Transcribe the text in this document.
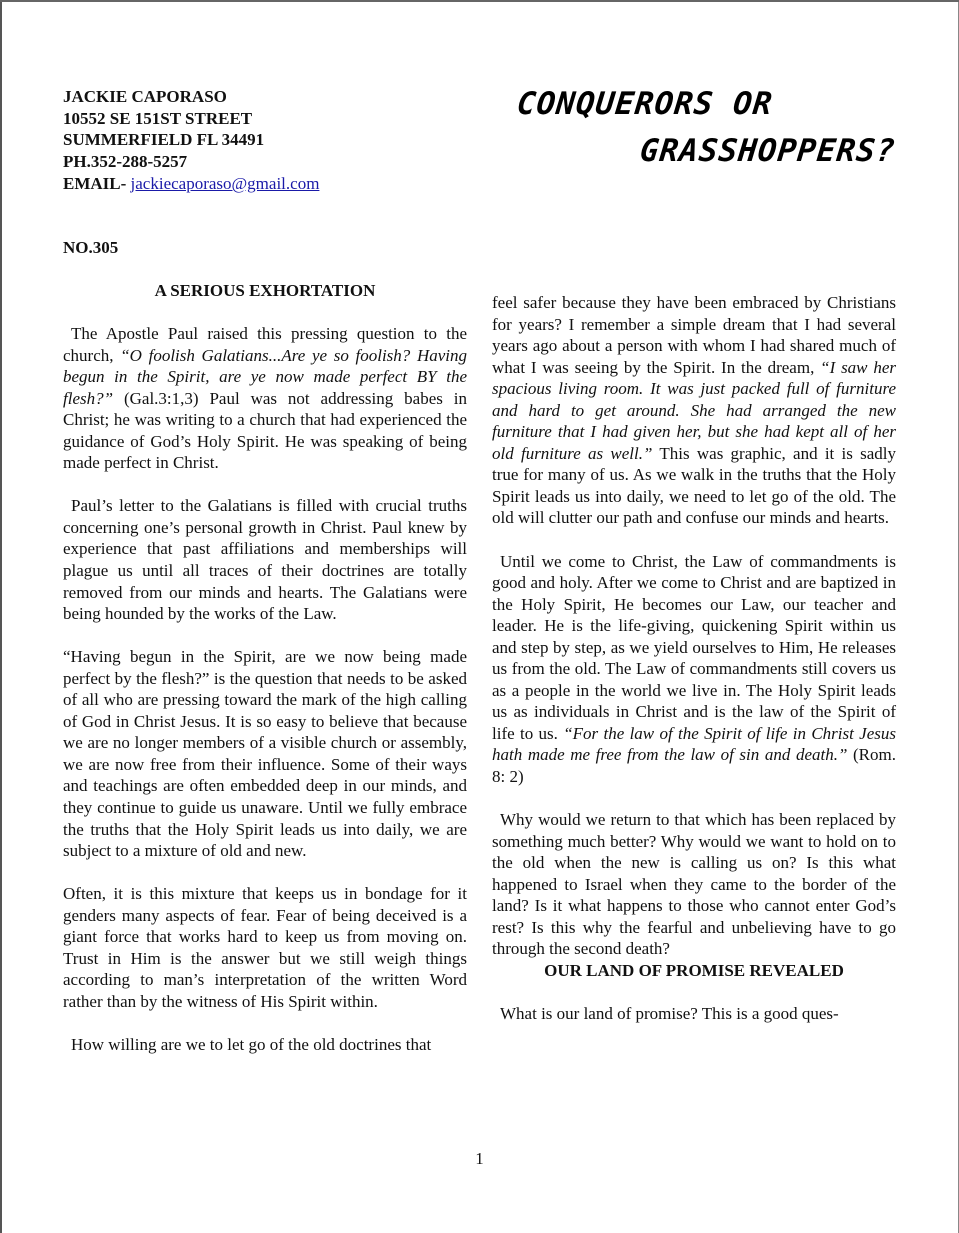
JACKIE CAPORASO
10552 SE 151ST STREET
SUMMERFIELD FL 34491
PH.352-288-5257
EMAIL- jackiecaporaso@gmail.com
CONQUERORS OR
GRASSHOPPERS?
NO.305
A SERIOUS EXHORTATION

The Apostle Paul raised this pressing question to the church, “O foolish Galatians...Are ye so foolish? Having begun in the Spirit, are ye now made perfect BY the flesh?” (Gal.3:1,3) Paul was not addressing babes in Christ; he was writing to a church that had experienced the guidance of God’s Holy Spirit. He was speaking of being made perfect in Christ.

Paul’s letter to the Galatians is filled with crucial truths concerning one’s personal growth in Christ. Paul knew by experience that past affiliations and memberships will plague us until all traces of their doctrines are totally removed from our minds and hearts. The Galatians were being hounded by the works of the Law.

“Having begun in the Spirit, are we now being made perfect by the flesh?” is the question that needs to be asked of all who are pressing toward the mark of the high calling of God in Christ Jesus. It is so easy to believe that because we are no longer members of a visible church or assembly, we are now free from their influence. Some of their ways and teachings are often embedded deep in our minds, and they continue to guide us unaware. Until we fully embrace the truths that the Holy Spirit leads us into daily, we are subject to a mixture of old and new.

Often, it is this mixture that keeps us in bondage for it genders many aspects of fear. Fear of being deceived is a giant force that works hard to keep us from moving on. Trust in Him is the answer but we still weigh things according to man’s interpretation of the written Word rather than by the witness of His Spirit within.

How willing are we to let go of the old doctrines that

feel safer because they have been embraced by Christians for years? I remember a simple dream that I had several years ago about a person with whom I had shared much of what I was seeing by the Spirit. In the dream, “I saw her spacious living room. It was just packed full of furniture and hard to get around. She had arranged the new furniture that I had given her, but she had kept all of her old furniture as well.” This was graphic, and it is sadly true for many of us. As we walk in the truths that the Holy Spirit leads us into daily, we need to let go of the old. The old will clutter our path and confuse our minds and hearts.

Until we come to Christ, the Law of commandments is good and holy. After we come to Christ and are baptized in the Holy Spirit, He becomes our Law, our teacher and leader. He is the life-giving, quickening Spirit within us and step by step, as we yield ourselves to Him, He releases us from the old. The Law of commandments still covers us as a people in the world we live in. The Holy Spirit leads us as individuals in Christ and is the law of the Spirit of life to us. “For the law of the Spirit of life in Christ Jesus hath made me free from the law of sin and death.” (Rom. 8: 2)

Why would we return to that which has been replaced by something much better? Why would we want to hold on to the old when the new is calling us on? Is this what happened to Israel when they came to the border of the land? Is it what happens to those who cannot enter God’s rest? Is this why the fearful and unbelieving have to go through the second death?

OUR LAND OF PROMISE REVEALED

What is our land of promise? This is a good ques-

1
